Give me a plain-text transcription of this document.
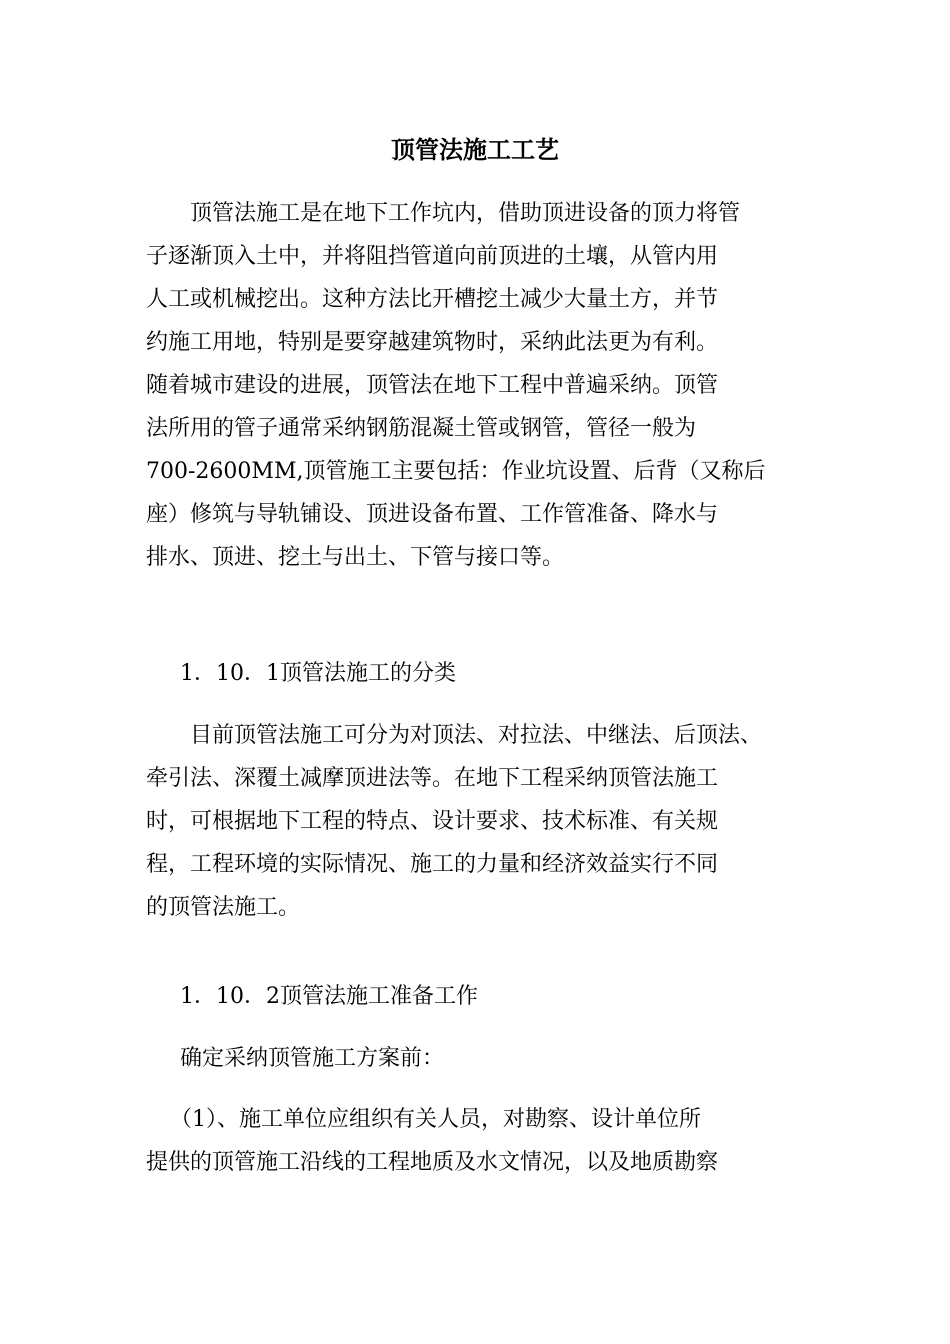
顶管法施工工艺
　　顶管法施工是在地下工作坑内，借助顶进设备的顶力将管
子逐渐顶入土中，并将阻挡管道向前顶进的土壤，从管内用
人工或机械挖出。这种方法比开槽挖土减少大量土方，并节
约施工用地，特别是要穿越建筑物时，采纳此法更为有利。
随着城市建设的进展，顶管法在地下工程中普遍采纳。顶管
法所用的管子通常采纳钢筋混凝土管或钢管，管径一般为
700-2600MM,顶管施工主要包括：作业坑设置、后背（又称后
座）修筑与导轨铺设、顶进设备布置、工作管准备、降水与
排水、顶进、挖土与出土、下管与接口等。
1．10．1顶管法施工的分类
　　目前顶管法施工可分为对顶法、对拉法、中继法、后顶法、
牵引法、深覆土减摩顶进法等。在地下工程采纳顶管法施工
时，可根据地下工程的特点、设计要求、技术标准、有关规
程，工程环境的实际情况、施工的力量和经济效益实行不同
的顶管法施工。
1．10．2顶管法施工准备工作
确定采纳顶管施工方案前：
（1）、施工单位应组织有关人员，对勘察、设计单位所
提供的顶管施工沿线的工程地质及水文情况，以及地质勘察
